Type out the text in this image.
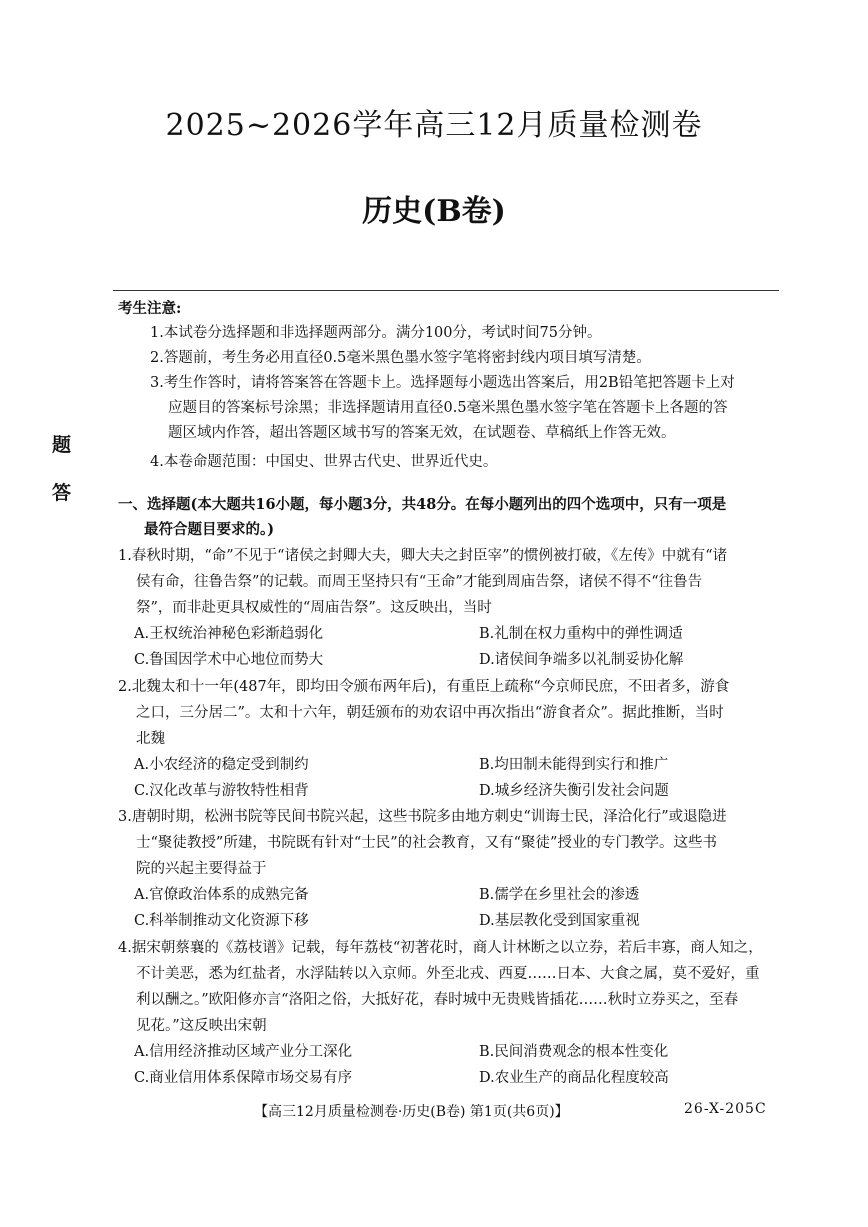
2025~2026学年高三12月质量检测卷
历史(B卷)
题
答
考生注意:
1.本试卷分选择题和非选择题两部分。满分100分，考试时间75分钟。
2.答题前，考生务必用直径0.5毫米黑色墨水签字笔将密封线内项目填写清楚。
3.考生作答时，请将答案答在答题卡上。选择题每小题选出答案后，用2B铅笔把答题卡上对
应题目的答案标号涂黑；非选择题请用直径0.5毫米黑色墨水签字笔在答题卡上各题的答
题区域内作答，超出答题区域书写的答案无效，在试题卷、草稿纸上作答无效。
4.本卷命题范围：中国史、世界古代史、世界近代史。
一、选择题(本大题共16小题，每小题3分，共48分。在每小题列出的四个选项中，只有一项是
最符合题目要求的。)
1.春秋时期，“命”不见于“诸侯之封卿大夫，卿大夫之封臣宰”的惯例被打破，《左传》中就有“诸
侯有命，往鲁告祭”的记载。而周王坚持只有“王命”才能到周庙告祭，诸侯不得不“往鲁告
祭”，而非赴更具权威性的“周庙告祭”。这反映出，当时
A.王权统治神秘色彩渐趋弱化	B.礼制在权力重构中的弹性调适
C.鲁国因学术中心地位而势大	D.诸侯间争端多以礼制妥协化解
2.北魏太和十一年(487年，即均田令颁布两年后)，有重臣上疏称“今京师民庶，不田者多，游食
之口，三分居二”。太和十六年，朝廷颁布的劝农诏中再次指出“游食者众”。据此推断，当时
北魏
A.小农经济的稳定受到制约	B.均田制未能得到实行和推广
C.汉化改革与游牧特性相背	D.城乡经济失衡引发社会问题
3.唐朝时期，松洲书院等民间书院兴起，这些书院多由地方刺史“训诲士民，泽洽化行”或退隐进
士“聚徒教授”所建，书院既有针对“士民”的社会教育，又有“聚徒”授业的专门教学。这些书
院的兴起主要得益于
A.官僚政治体系的成熟完备	B.儒学在乡里社会的渗透
C.科举制推动文化资源下移	D.基层教化受到国家重视
4.据宋朝蔡襄的《荔枝谱》记载，每年荔枝“初著花时，商人计林断之以立券，若后丰寡，商人知之，
不计美恶，悉为红盐者，水浮陆转以入京师。外至北戎、西夏……日本、大食之属，莫不爱好，重
利以酬之。”欧阳修亦言“洛阳之俗，大抵好花，春时城中无贵贱皆插花……秋时立券买之，至春
见花。”这反映出宋朝
A.信用经济推动区域产业分工深化	B.民间消费观念的根本性变化
C.商业信用体系保障市场交易有序	D.农业生产的商品化程度较高
【高三12月质量检测卷·历史(B卷) 第1页(共6页)】	26-X-205C
